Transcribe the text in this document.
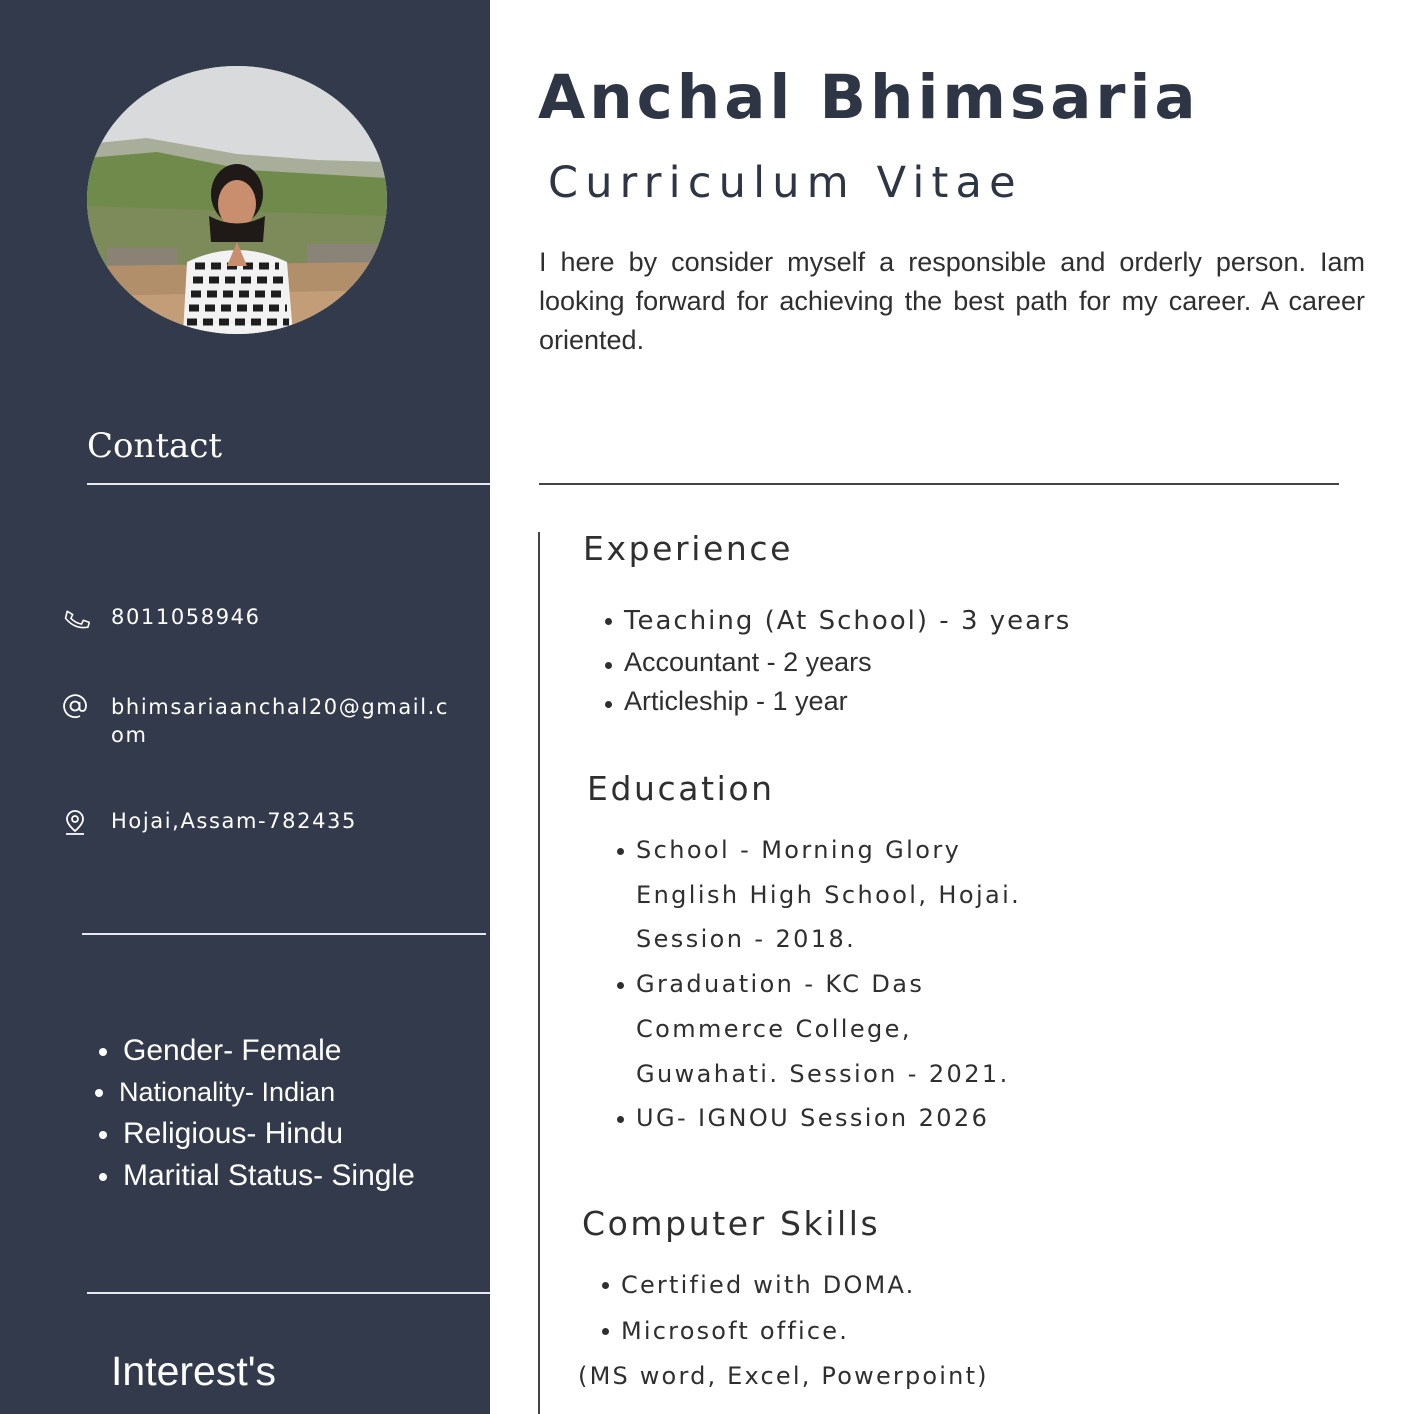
Contact
8011058946
bhimsariaanchal20@gmail.com
Hojai,Assam-782435
Gender- Female
Nationality- Indian
Religious- Hindu
Maritial Status- Single
Interest's
Anchal Bhimsaria
Curriculum Vitae

I here by consider myself a responsible and orderly person. Iam looking forward for achieving the best path for my career. A career oriented.

Experience
Teaching (At School) - 3 years
Accountant - 2 years
Articleship - 1 year
Education
School - Morning Glory English High School, Hojai. Session - 2018.
Graduation - KC Das Commerce College, Guwahati. Session - 2021.
UG- IGNOU Session 2026
Computer Skills
Certified with DOMA.
Microsoft office.

(MS word, Excel, Powerpoint)
